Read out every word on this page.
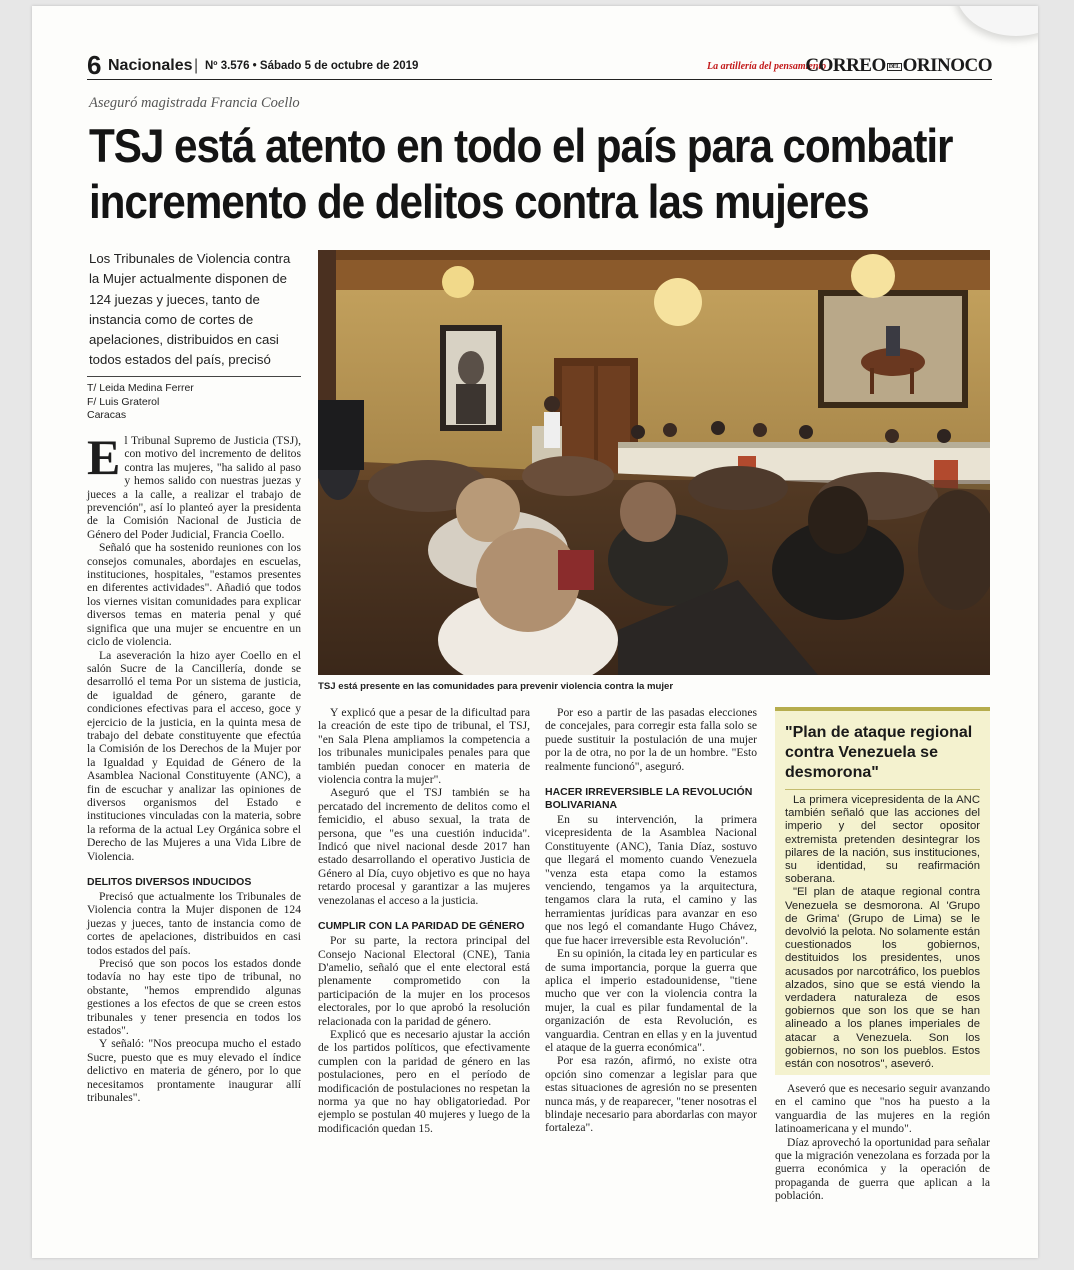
6 Nacionales | Nº 3.576 • Sábado 5 de octubre de 2019	La artillería del pensamiento
CORREO DEL ORINOCO
Aseguró magistrada Francia Coello
TSJ está atento en todo el país para combatir
incremento de delitos contra las mujeres
Los Tribunales de Violencia contra la Mujer actualmente disponen de 124 juezas y jueces, tanto de instancia como de cortes de apelaciones, distribuidos en casi todos estados del país, precisó
T/ Leida Medina Ferrer
F/ Luis Graterol
Caracas
TSJ está presente en las comunidades para prevenir violencia contra la mujer

El Tribunal Supremo de Justicia (TSJ), con motivo del incremento de delitos contra las mujeres, "ha salido al paso y hemos salido con nuestras juezas y jueces a la calle, a realizar el trabajo de prevención", así lo planteó ayer la presidenta de la Comisión Nacional de Justicia de Género del Poder Judicial, Francia Coello.

Señaló que ha sostenido reuniones con los consejos comunales, abordajes en escuelas, instituciones, hospitales, "estamos presentes en diferentes actividades". Añadió que todos los viernes visitan comunidades para explicar diversos temas en materia penal y qué significa que una mujer se encuentre en un ciclo de violencia.

La aseveración la hizo ayer Coello en el salón Sucre de la Cancillería, donde se desarrolló el tema Por un sistema de justicia, de igualdad de género, garante de condiciones efectivas para el acceso, goce y ejercicio de la justicia, en la quinta mesa de trabajo del debate constituyente que efectúa la Comisión de los Derechos de la Mujer por la Igualdad y Equidad de Género de la Asamblea Nacional Constituyente (ANC), a fin de escuchar y analizar las opiniones de diversos organismos del Estado e instituciones vinculadas con la materia, sobre la reforma de la actual Ley Orgánica sobre el Derecho de las Mujeres a una Vida Libre de Violencia.

DELITOS DIVERSOS INDUCIDOS

Precisó que actualmente los Tribunales de Violencia contra la Mujer disponen de 124 juezas y jueces, tanto de instancia como de cortes de apelaciones, distribuidos en casi todos estados del país.

Precisó que son pocos los estados donde todavía no hay este tipo de tribunal, no obstante, "hemos emprendido algunas gestiones a los efectos de que se creen estos tribunales y tener presencia en todos los estados".

Y señaló: "Nos preocupa mucho el estado Sucre, puesto que es muy elevado el índice delictivo en materia de género, por lo que necesitamos prontamente inaugurar allí tribunales".

Y explicó que a pesar de la dificultad para la creación de este tipo de tribunal, el TSJ, "en Sala Plena ampliamos la competencia a los tribunales municipales penales para que también puedan conocer en materia de violencia contra la mujer".

Aseguró que el TSJ también se ha percatado del incremento de delitos como el femicidio, el abuso sexual, la trata de persona, que "es una cuestión inducida". Indicó que nivel nacional desde 2017 han estado desarrollando el operativo Justicia de Género al Día, cuyo objetivo es que no haya retardo procesal y garantizar a las mujeres venezolanas el acceso a la justicia.

CUMPLIR CON LA PARIDAD DE GÉNERO

Por su parte, la rectora principal del Consejo Nacional Electoral (CNE), Tania D'amelio, señaló que el ente electoral está plenamente comprometido con la participación de la mujer en los procesos electorales, por lo que aprobó la resolución relacionada con la paridad de género.

Explicó que es necesario ajustar la acción de los partidos políticos, que efectivamente cumplen con la paridad de género en las postulaciones, pero en el período de modificación de postulaciones no respetan la norma ya que no hay obligatoriedad. Por ejemplo se postulan 40 mujeres y luego de la modificación quedan 15.

Por eso a partir de las pasadas elecciones de concejales, para corregir esta falla solo se puede sustituir la postulación de una mujer por la de otra, no por la de un hombre. "Esto realmente funcionó", aseguró.

HACER IRREVERSIBLE LA REVOLUCIÓN BOLIVARIANA

En su intervención, la primera vicepresidenta de la Asamblea Nacional Constituyente (ANC), Tania Díaz, sostuvo que llegará el momento cuando Venezuela "venza esta etapa como la estamos venciendo, tengamos ya la arquitectura, tengamos clara la ruta, el camino y las herramientas jurídicas para avanzar en eso que nos legó el comandante Hugo Chávez, que fue hacer irreversible esta Revolución".

En su opinión, la citada ley en particular es de suma importancia, porque la guerra que aplica el imperio estadounidense, "tiene mucho que ver con la violencia contra la mujer, la cual es pilar fundamental de la organización de esta Revolución, es vanguardia. Centran en ellas y en la juventud el ataque de la guerra económica".

Por esa razón, afirmó, no existe otra opción sino comenzar a legislar para que estas situaciones de agresión no se presenten nunca más, y de reaparecer, "tener nosotras el blindaje necesario para abordarlas con mayor fortaleza".

"Plan de ataque regional contra Venezuela se desmorona"

La primera vicepresidenta de la ANC también señaló que las acciones del imperio y del sector opositor extremista pretenden desintegrar los pilares de la nación, sus instituciones, su identidad, su reafirmación soberana.

"El plan de ataque regional contra Venezuela se desmorona. Al 'Grupo de Grima' (Grupo de Lima) se le devolvió la pelota. No solamente están cuestionados los gobiernos, destituidos los presidentes, unos acusados por narcotráfico, los pueblos alzados, sino que se está viendo la verdadera naturaleza de esos gobiernos que son los que se han alineado a los planes imperiales de atacar a Venezuela. Son los gobiernos, no son los pueblos. Estos están con nosotros", aseveró.

Aseveró que es necesario seguir avanzando en el camino que "nos ha puesto a la vanguardia de las mujeres en la región latinoamericana y el mundo".

Díaz aprovechó la oportunidad para señalar que la migración venezolana es forzada por la guerra económica y la operación de propaganda de guerra que aplican a la población.
